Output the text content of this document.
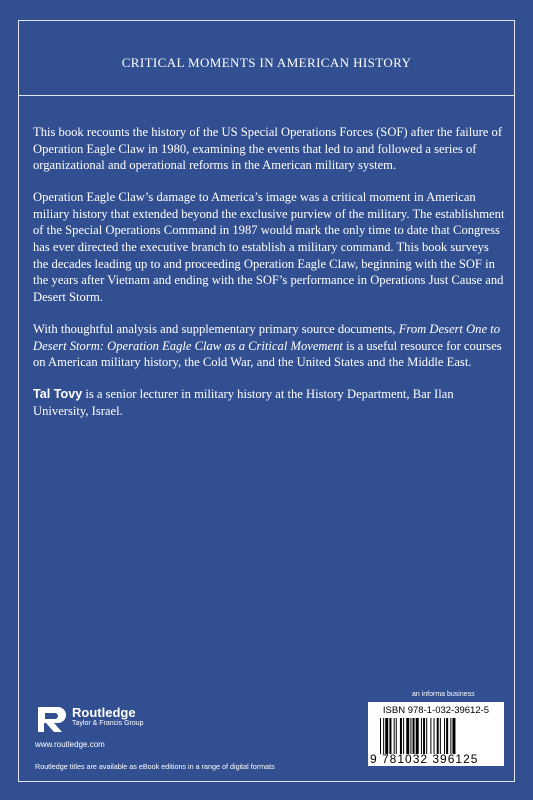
CRITICAL MOMENTS IN AMERICAN HISTORY

This book recounts the history of the US Special Operations Forces (SOF) after the failure of Operation Eagle Claw in 1980, examining the events that led to and followed a series of organizational and operational reforms in the American military system.

Operation Eagle Claw’s damage to America’s image was a critical moment in American miliary history that extended beyond the exclusive purview of the military. The establishment of the Special Operations Command in 1987 would mark the only time to date that Congress has ever directed the executive branch to establish a military command. This book surveys the decades leading up to and proceeding Operation Eagle Claw, beginning with the SOF in the years after Vietnam and ending with the SOF’s performance in Operations Just Cause and Desert Storm.

With thoughtful analysis and supplementary primary source documents, From Desert One to Desert Storm: Operation Eagle Claw as a Critical Movement is a useful resource for courses on American military history, the Cold War, and the United States and the Middle East.

Tal Tovy is a senior lecturer in military history at the History Department, Bar Ilan University, Israel.

Routledge
Taylor & Francis Group
www.routledge.com
Routledge titles are available as eBook editions in a range of digital formats
an informa business
ISBN 978-1-032-39612-5
9 781032 396125
